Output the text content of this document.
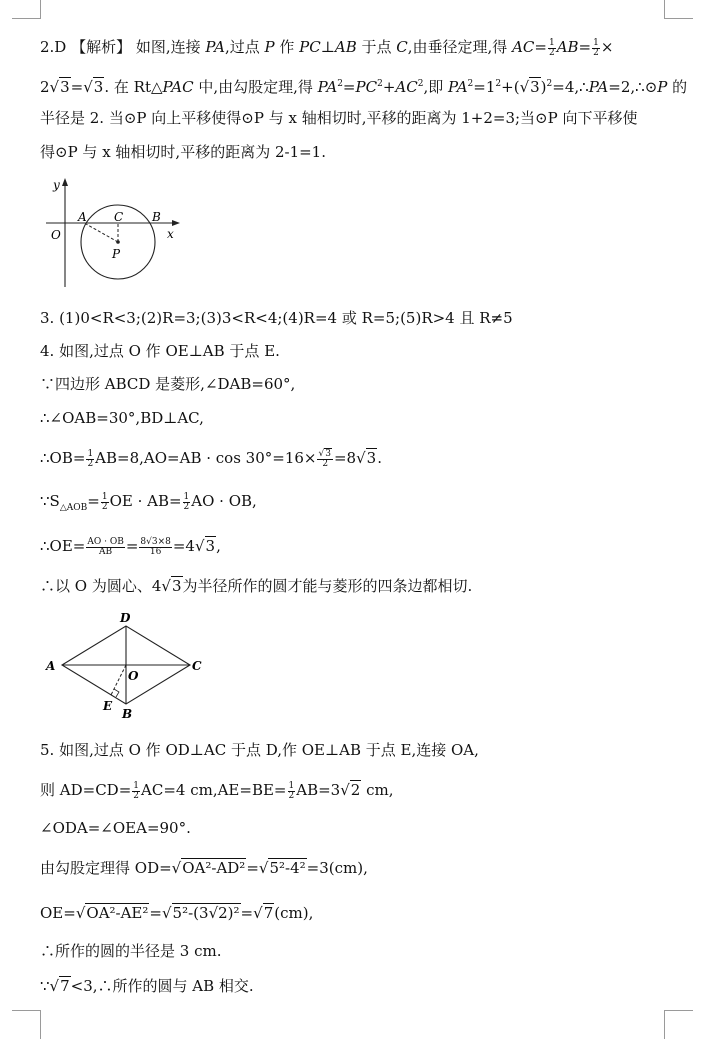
2.D 【解析】 如图,连接 PA,过点 P 作 PC⊥AB 于点 C,由垂径定理,得 $AC= \frac{1}{2} AB= \frac{1}{2}$ ×
2√3=√3. 在 Rt△PAC 中,由勾股定理,得 $PA^2=PC^2+AC^2$,即 $PA^2=1^2+(√3)^2=4,\therefore PA=2,\therefore⊙P$ 的
半径是 2. 当⊙P 向上平移使得⊙P 与 x 轴相切时,平移的距离为 1+2=3;当⊙P 向下平移使
得⊙P 与 x 轴相切时,平移的距离为 2-1=1.
y
O
A C B
x
P
3. (1)0<R<3;(2)R=3;(3)3<R<4;(4)R=4 或 R=5;(5)R>4 且 R≠5
4. 如图,过点 O 作 OE⊥AB 于点 E.
∵四边形 ABCD 是菱形,∠DAB=60°,
∴∠OAB=30°,BD⊥AC,
∴OB= $\frac{1}{2} AB=8,AO=AB \cdot \cos 30^\circ=16\times \frac{√3}{2} =8√3$.
$\because S_{\triangle AOB}= \frac{1}{2}$ OE · $AB= \frac{1}{2}$ AO · OB,
∴OE= $\frac{AO \cdot OB}{AB} = \frac{8√3\times 8}{16} =4√3$,
∴以 O 为圆心、4√3为半径所作的圆才能与菱形的四条边都相切.
D
A	C
O
E
B
5. 如图,过点 O 作 OD⊥AC 于点 D,作 OE⊥AB 于点 E,连接 OA,
则 $AD=CD= \frac{1}{2} AC=4$ $cm,AE=BE= \frac{1}{2} AB=3√2$ cm,
∠ODA=∠OEA=90°.
由勾股定理得 OD=√OA²-AD²=√5²-4²=3(cm),
OE=√OA²-AE²=√5²-(3√2)²=√7(cm),
∴所作的圆的半径是 3 cm.
∵√7<3,∴所作的圆与 AB 相交.
